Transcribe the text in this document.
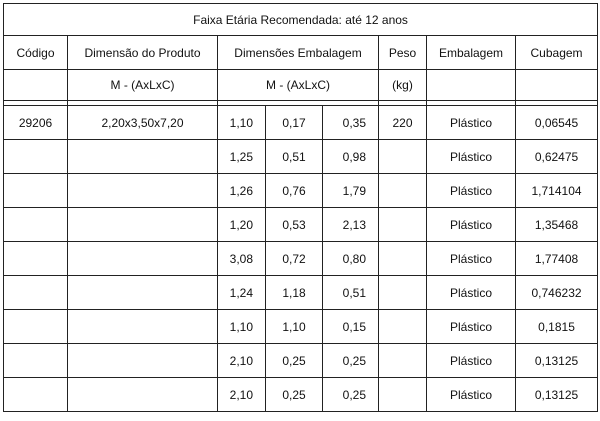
Faixa Etária Recomendada: até 12 anos							
Código	Dimensão do Produto	Dimensões Embalagem			Peso	Embalagem	Cubagem
	M - (AxLxC)	M - (AxLxC)			(kg)		

29206	2,20x3,50x7,20	1,10	0,17	0,35	220	Plástico	0,06545
		1,25	0,51	0,98		Plástico	0,62475
		1,26	0,76	1,79		Plástico	1,714104
		1,20	0,53	2,13		Plástico	1,35468
		3,08	0,72	0,80		Plástico	1,77408
		1,24	1,18	0,51		Plástico	0,746232
		1,10	1,10	0,15		Plástico	0,1815
		2,10	0,25	0,25		Plástico	0,13125
		2,10	0,25	0,25		Plástico	0,13125
